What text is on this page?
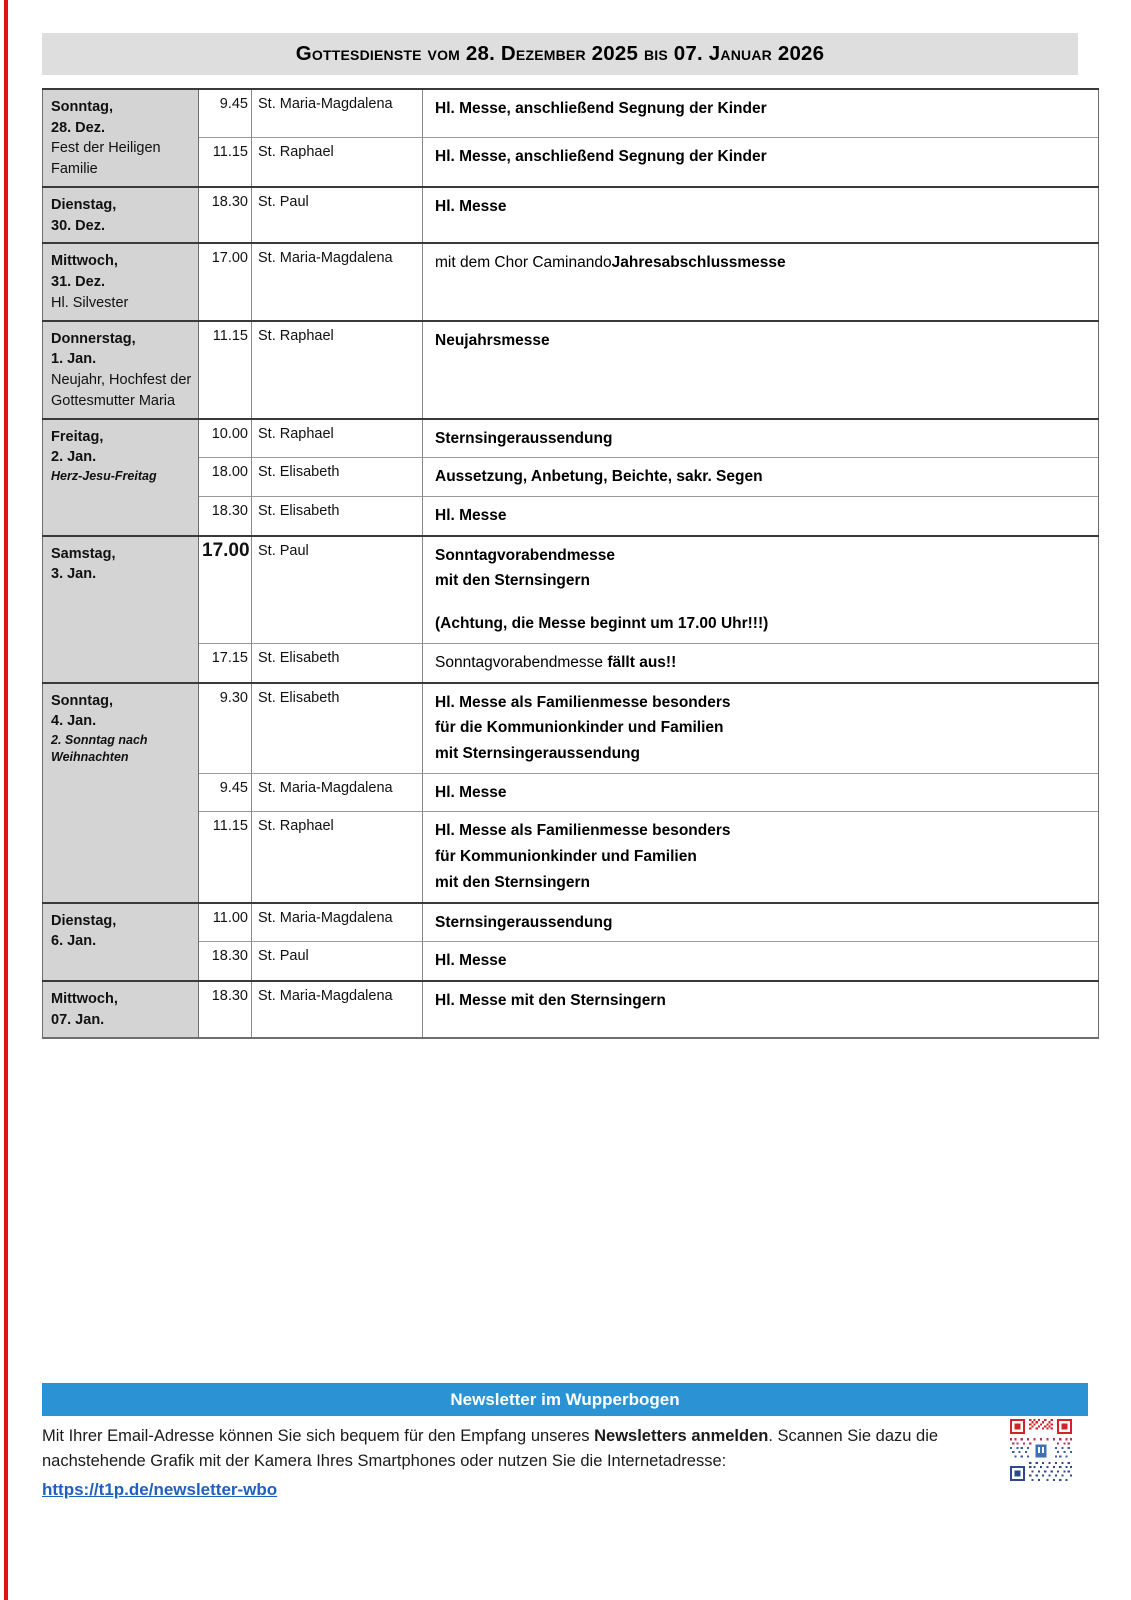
Gottesdienste vom 28. Dezember 2025 bis 07. Januar 2026
Sonntag,
28. Dez.
Fest der Heiligen Familie	9.45	St. Maria-Magdalena	Hl. Messe, anschließend Segnung der Kinder

	11.15	St. Raphael	Hl. Messe, anschließend Segnung der Kinder

Dienstag,
30. Dez.	18.30	St. Paul	Hl. Messe

Mittwoch,
31. Dez.
Hl. Silvester	17.00	St. Maria-Magdalena	mit dem Chor CaminandoJahresabschlussmesse

Donnerstag,
1. Jan.
Neujahr, Hochfest der Gottesmutter Maria	11.15	St. Raphael	Neujahrsmesse

Freitag,
2. Jan.
Herz-Jesu-Freitag	10.00	St. Raphael	Sternsingeraussendung

	18.00	St. Elisabeth	Aussetzung, Anbetung, Beichte, sakr. Segen

	18.30	St. Elisabeth	Hl. Messe

Samstag,
3. Jan.
	17.00	St. Paul	Sonntagvorabendmesse
mit den Sternsingern
(Achtung, die Messe beginnt um 17.00 Uhr!!!)

	17.15	St. Elisabeth	Sonntagvorabendmesse fällt aus!!

Sonntag,
4. Jan.
2. Sonntag nach Weihnachten
	9.30	St. Elisabeth	Hl. Messe als Familienmesse besonders
für die Kommunionkinder und Familien
mit Sternsingeraussendung

	9.45	St. Maria-Magdalena	Hl. Messe

	11.15	St. Raphael	Hl. Messe als Familienmesse besonders
für Kommunionkinder und Familien
mit den Sternsingern

Dienstag,
6. Jan.	11.00	St. Maria-Magdalena	Sternsingeraussendung

	18.30	St. Paul	Hl. Messe

Mittwoch,
07. Jan.	18.30	St. Maria-Magdalena	Hl. Messe mit den Sternsingern
Newsletter im Wupperbogen
Mit Ihrer Email-Adresse können Sie sich bequem für den Empfang unseres Newsletters anmelden. Scannen Sie dazu die nachstehende Grafik mit der Kamera Ihres Smartphones oder nutzen Sie die Internetadresse:
https://t1p.de/newsletter-wbo
